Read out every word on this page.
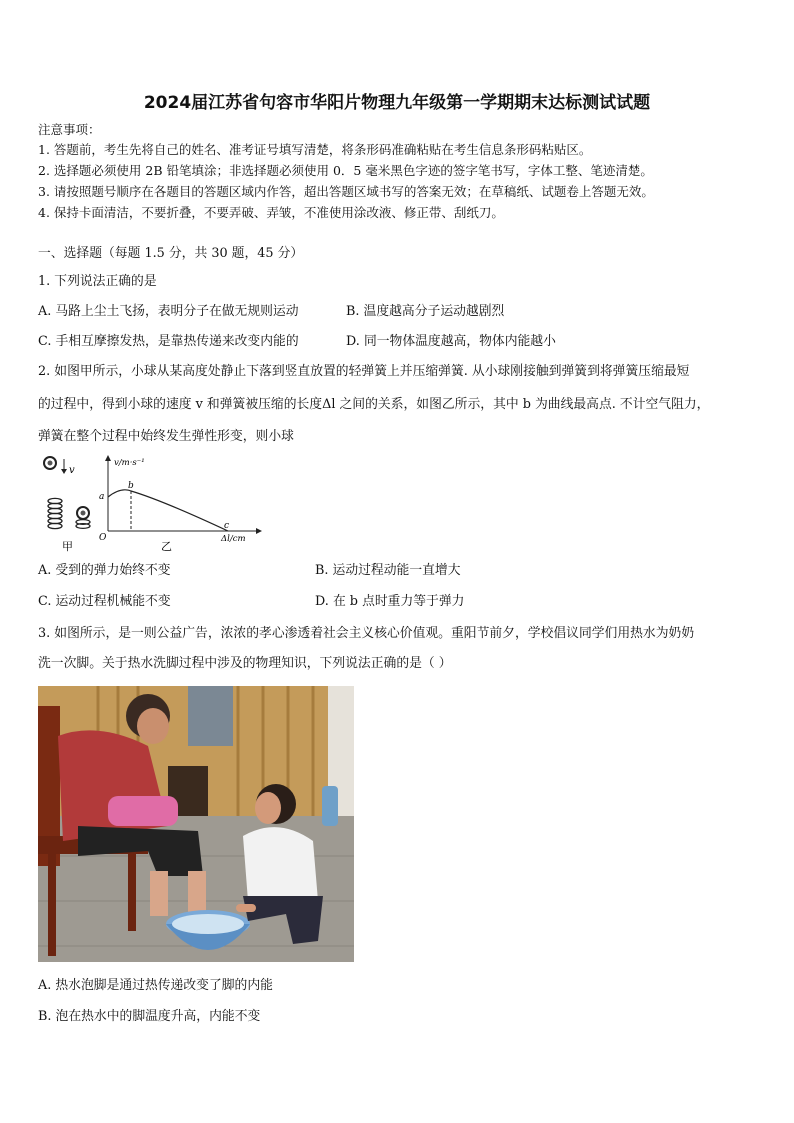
2024届江苏省句容市华阳片物理九年级第一学期期末达标测试试题
注意事项：
1. 答题前，考生先将自己的姓名、准考证号填写清楚，将条形码准确粘贴在考生信息条形码粘贴区。
2. 选择题必须使用 2B 铅笔填涂；非选择题必须使用 0．5 毫米黑色字迹的签字笔书写，字体工整、笔迹清楚。
3. 请按照题号顺序在各题目的答题区域内作答，超出答题区域书写的答案无效；在草稿纸、试题卷上答题无效。
4. 保持卡面清洁，不要折叠，不要弄破、弄皱，不准使用涂改液、修正带、刮纸刀。
一、选择题（每题 1.5 分，共 30 题，45 分）
1. 下列说法正确的是
A. 马路上尘土飞扬，表明分子在做无规则运动	B. 温度越高分子运动越剧烈
C. 手相互摩擦发热，是靠热传递来改变内能的	D. 同一物体温度越高，物体内能越小
2. 如图甲所示，小球从某高度处静止下落到竖直放置的轻弹簧上并压缩弹簧. 从小球刚接触到弹簧到将弹簧压缩最短
的过程中，得到小球的速度 v 和弹簧被压缩的长度Δl 之间的关系，如图乙所示，其中 b 为曲线最高点. 不计空气阻力，
弹簧在整个过程中始终发生弹性形变，则小球
v
甲
v/m·s⁻¹
Δl/cm
O
a
b
c
乙
A. 受到的弹力始终不变	B. 运动过程动能一直增大
C. 运动过程机械能不变	D. 在 b 点时重力等于弹力
3. 如图所示，是一则公益广告，浓浓的孝心渗透着社会主义核心价值观。重阳节前夕，学校倡议同学们用热水为奶奶
洗一次脚。关于热水洗脚过程中涉及的物理知识，下列说法正确的是（ ）
A. 热水泡脚是通过热传递改变了脚的内能
B. 泡在热水中的脚温度升高，内能不变
